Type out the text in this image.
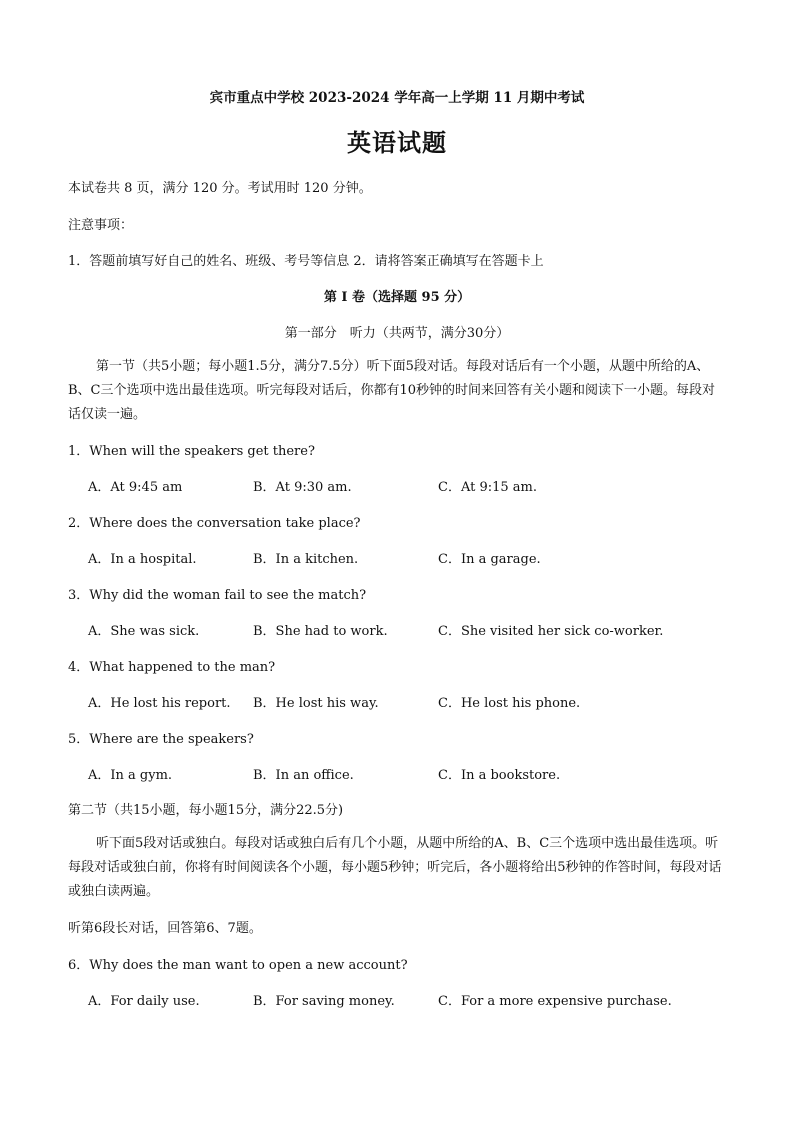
宾市重点中学校 2023-2024 学年高一上学期 11 月期中考试
英语试题
本试卷共 8 页，满分 120 分。考试用时 120 分钟。
注意事项：
1．答题前填写好自己的姓名、班级、考号等信息 2．请将答案正确填写在答题卡上
第 I 卷（选择题 95 分）
第一部分　听力（共两节，满分30分）
第一节（共5小题；每小题1.5分，满分7.5分）听下面5段对话。每段对话后有一个小题，从题中所给的A、B、C三个选项中选出最佳选项。听完每段对话后，你都有10秒钟的时间来回答有关小题和阅读下一小题。每段对话仅读一遍。
1．When will the speakers get there?
A．At 9:45 am	B．At 9:30 am.	C．At 9:15 am.
2．Where does the conversation take place?
A．In a hospital.	B．In a kitchen.	C．In a garage.
3．Why did the woman fail to see the match?
A．She was sick.	B．She had to work.	C．She visited her sick co-worker.
4．What happened to the man?
A．He lost his report. B．He lost his way.	C．He lost his phone.
5．Where are the speakers?
A．In a gym.	B．In an office.	C．In a bookstore.
第二节（共15小题，每小题15分，满分22.5分)
听下面5段对话或独白。每段对话或独白后有几个小题，从题中所给的A、B、C三个选项中选出最佳选项。听每段对话或独白前，你将有时间阅读各个小题，每小题5秒钟；听完后，各小题将给出5秒钟的作答时间，每段对话或独白读两遍。
听第6段长对话，回答第6、7题。
6．Why does the man want to open a new account?
A．For daily use.	B．For saving money.	C．For a more expensive purchase.
